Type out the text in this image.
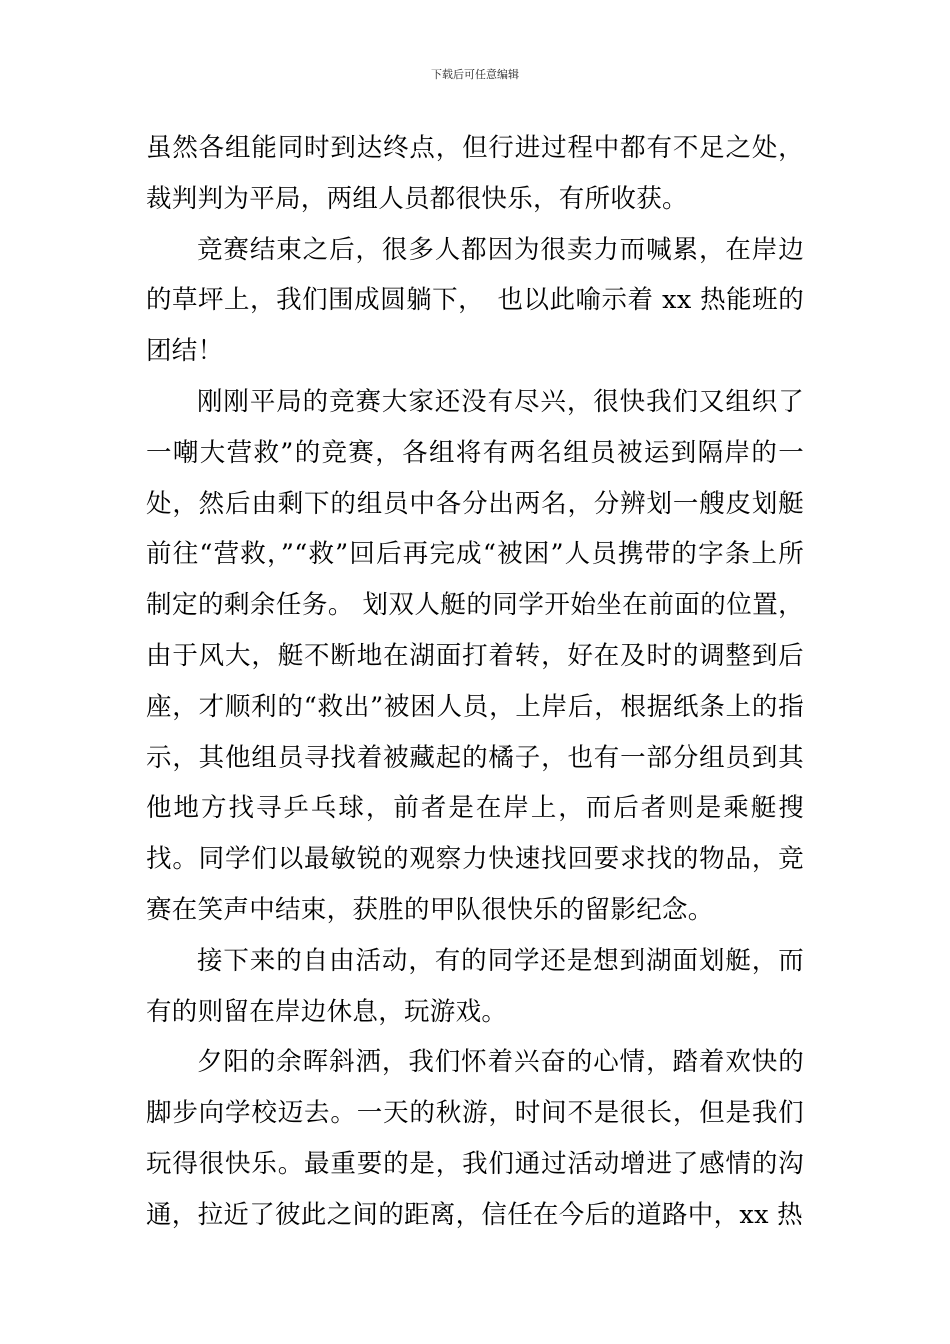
下载后可任意编辑

虽然各组能同时到达终点，但行进过程中都有不足之处，裁判判为平局，两组人员都很快乐，有所收获。

竞赛结束之后，很多人都因为很卖力而喊累，在岸边的草坪上，我们围成圆躺下，　也以此喻示着 xx 热能班的团结！

刚刚平局的竞赛大家还没有尽兴，很快我们又组织了一嘲大营救”的竞赛，各组将有两名组员被运到隔岸的一处，然后由剩下的组员中各分出两名，分辨划一艘皮划艇前往“营救，”“救”回后再完成“被困”人员携带的字条上所制定的剩余任务。 划双人艇的同学开始坐在前面的位置，由于风大，艇不断地在湖面打着转，好在及时的调整到后座，才顺利的“救出”被困人员，上岸后，根据纸条上的指示，其他组员寻找着被藏起的橘子，也有一部分组员到其他地方找寻乒乓球，前者是在岸上，而后者则是乘艇搜找。同学们以最敏锐的观察力快速找回要求找的物品，竞赛在笑声中结束，获胜的甲队很快乐的留影纪念。

接下来的自由活动，有的同学还是想到湖面划艇，而有的则留在岸边休息，玩游戏。

夕阳的余晖斜洒，我们怀着兴奋的心情，踏着欢快的脚步向学校迈去。一天的秋游，时间不是很长，但是我们玩得很快乐。最重要的是，我们通过活动增进了感情的沟通，拉近了彼此之间的距离，信任在今后的道路中，xx 热
